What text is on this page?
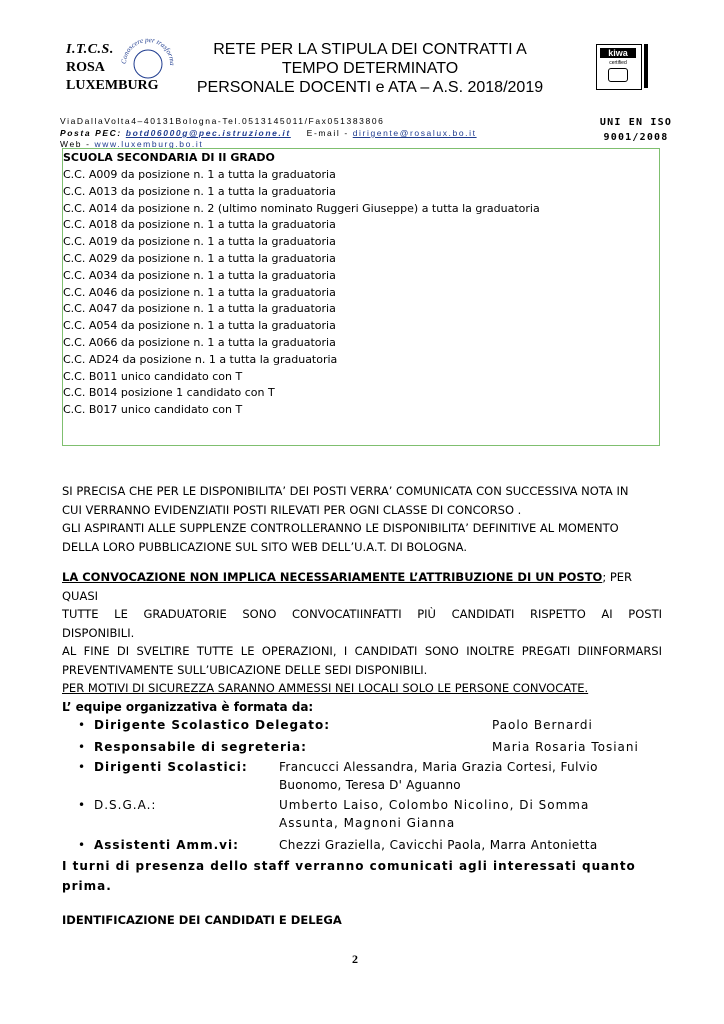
I.T.C.S.
ROSA
LUXEMBURG
Conoscere per trasforma
RETE PER LA STIPULA DEI CONTRATTI A
TEMPO DETERMINATO
PERSONALE DOCENTI e ATA – A.S. 2018/2019
kiwa
certified
UNI EN ISO
9001/2008
ViaDallaVolta4–40131Bologna-Tel.0513145011/Fax051383806
Posta PEC: botd06000g@pec.istruzione.it E-mail - dirigente@rosalux.bo.it
Web - www.luxemburg.bo.it
SCUOLA SECONDARIA DI II GRADO
C.C. A009 da posizione n. 1 a tutta la graduatoria
C.C. A013 da posizione n. 1 a tutta la graduatoria
C.C. A014 da posizione n. 2 (ultimo nominato Ruggeri Giuseppe) a tutta la graduatoria
C.C. A018 da posizione n. 1 a tutta la graduatoria
C.C. A019 da posizione n. 1 a tutta la graduatoria
C.C. A029 da posizione n. 1 a tutta la graduatoria
C.C. A034 da posizione n. 1 a tutta la graduatoria
C.C. A046 da posizione n. 1 a tutta la graduatoria
C.C. A047 da posizione n. 1 a tutta la graduatoria
C.C. A054 da posizione n. 1 a tutta la graduatoria
C.C. A066 da posizione n. 1 a tutta la graduatoria
C.C. AD24 da posizione n. 1 a tutta la graduatoria
C.C. B011 unico candidato con T
C.C. B014 posizione 1 candidato con T
C.C. B017 unico candidato con T
SI PRECISA CHE PER LE DISPONIBILITA’ DEI POSTI VERRA’ COMUNICATA CON SUCCESSIVA NOTA IN
CUI VERRANNO EVIDENZIATII POSTI RILEVATI PER OGNI CLASSE DI CONCORSO .
GLI ASPIRANTI ALLE SUPPLENZE CONTROLLERANNO LE DISPONIBILITA’ DEFINITIVE AL MOMENTO
DELLA LORO PUBBLICAZIONE SUL SITO WEB DELL’U.A.T. DI BOLOGNA.
LA CONVOCAZIONE NON IMPLICA NECESSARIAMENTE L’ATTRIBUZIONE DI UN POSTO; PER QUASI
TUTTE LE GRADUATORIE SONO CONVOCATIINFATTI PIÙ CANDIDATI RISPETTO AI POSTI
DISPONIBILI.
AL FINE DI SVELTIRE TUTTE LE OPERAZIONI, I CANDIDATI SONO INOLTRE PREGATI DIINFORMARSI
PREVENTIVAMENTE SULL’UBICAZIONE DELLE SEDI DISPONIBILI.
PER MOTIVI DI SICUREZZA SARANNO AMMESSI NEI LOCALI SOLO LE PERSONE CONVOCATE.
L’ equipe organizzativa è formata da:
• Dirigente Scolastico Delegato:	Paolo Bernardi
• Responsabile di segreteria:	Maria Rosaria Tosiani
• Dirigenti Scolastici:	Francucci Alessandra, Maria Grazia Cortesi, Fulvio
Buonomo, Teresa D' Aguanno
• D.S.G.A.:	Umberto Laiso, Colombo Nicolino, Di Somma
Assunta, Magnoni Gianna
• Assistenti Amm.vi:	Chezzi Graziella, Cavicchi Paola, Marra Antonietta
I turni di presenza dello staff verranno comunicati agli interessati quanto
prima.
IDENTIFICAZIONE DEI CANDIDATI E DELEGA
2
